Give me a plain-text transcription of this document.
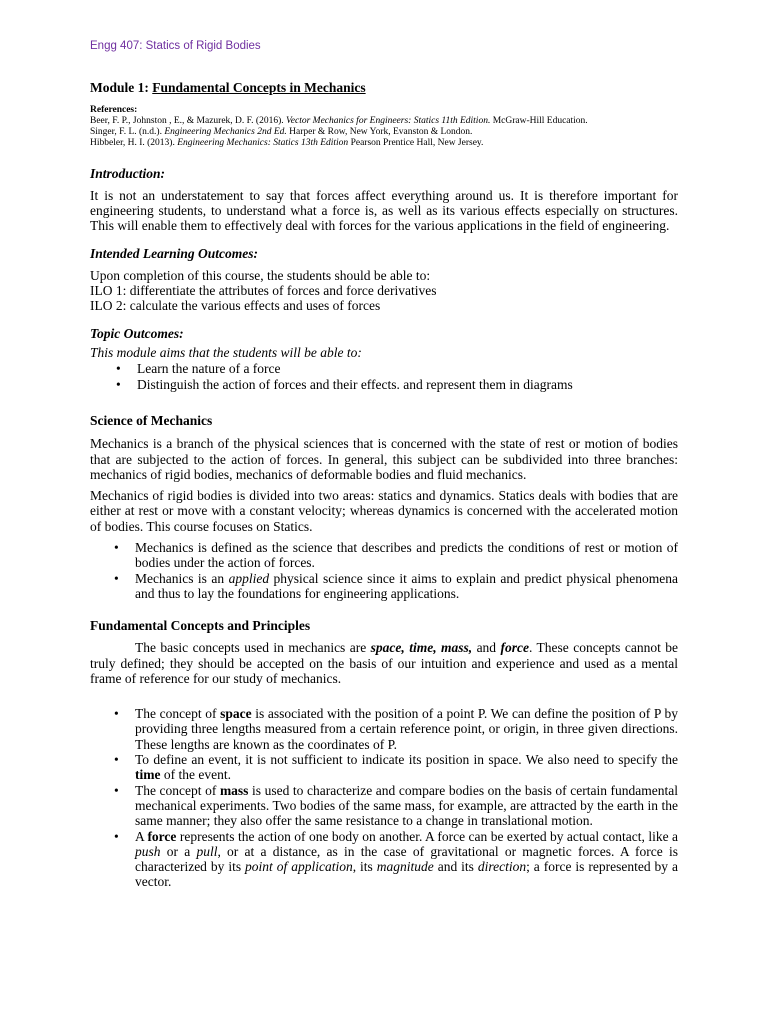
Engg 407: Statics of Rigid Bodies

Module 1: Fundamental Concepts in Mechanics

References:

Beer, F. P., Johnston , E., & Mazurek, D. F. (2016). Vector Mechanics for Engineers: Statics 11th Edition. McGraw-Hill Education.

Singer, F. L. (n.d.). Engineering Mechanics 2nd Ed. Harper & Row, New York, Evanston & London.

Hibbeler, H. I. (2013). Engineering Mechanics: Statics 13th Edition Pearson Prentice Hall, New Jersey.

Introduction:

It is not an understatement to say that forces affect everything around us. It is therefore important for engineering students, to understand what a force is, as well as its various effects especially on structures. This will enable them to effectively deal with forces for the various applications in the field of engineering.

Intended Learning Outcomes:

Upon completion of this course, the students should be able to:

ILO 1: differentiate the attributes of forces and force derivatives

ILO 2: calculate the various effects and uses of forces

Topic Outcomes:

This module aims that the students will be able to:

• Learn the nature of a force
• Distinguish the action of forces and their effects. and represent them in diagrams

Science of Mechanics

Mechanics is a branch of the physical sciences that is concerned with the state of rest or motion of bodies that are subjected to the action of forces. In general, this subject can be subdivided into three branches: mechanics of rigid bodies, mechanics of deformable bodies and fluid mechanics.

Mechanics of rigid bodies is divided into two areas: statics and dynamics. Statics deals with bodies that are either at rest or move with a constant velocity; whereas dynamics is concerned with the accelerated motion of bodies. This course focuses on Statics.

• Mechanics is defined as the science that describes and predicts the conditions of rest or motion of bodies under the action of forces.
• Mechanics is an applied physical science since it aims to explain and predict physical phenomena and thus to lay the foundations for engineering applications.

Fundamental Concepts and Principles

The basic concepts used in mechanics are space, time, mass, and force. These concepts cannot be truly defined; they should be accepted on the basis of our intuition and experience and used as a mental frame of reference for our study of mechanics.

• The concept of space is associated with the position of a point P. We can define the position of P by providing three lengths measured from a certain reference point, or origin, in three given directions. These lengths are known as the coordinates of P.
• To define an event, it is not sufficient to indicate its position in space. We also need to specify the time of the event.
• The concept of mass is used to characterize and compare bodies on the basis of certain fundamental mechanical experiments. Two bodies of the same mass, for example, are attracted by the earth in the same manner; they also offer the same resistance to a change in translational motion.
• A force represents the action of one body on another. A force can be exerted by actual contact, like a push or a pull, or at a distance, as in the case of gravitational or magnetic forces. A force is characterized by its point of application, its magnitude and its direction; a force is represented by a vector.
